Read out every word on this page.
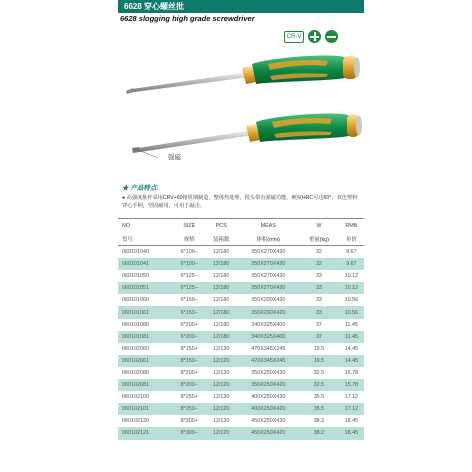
6628 穿心螺丝批
6628 slogging high grade screwdriver
CR-V
强磁
★ 产品特点:
● 高强度批杆采用CRV+60铬钒钢制造，整体热处理，批头带有强磁功能，硬度HRC可达60°，双色塑料穿心手柄，坚固耐用，可用于敲击。
NO	SIZE	PCS	MEAS	W	RMB
货号	规格	装箱数	体积(mm)	重量(kg)	单价
060101040	6*100−	12/180	350X270X420	32	9.67
060101041	6*100−	12/180	350X270X420	32	9.67
060101050	6*125−	12/180	350X270X420	33	10.12
060101051	6*125−	12/180	350X270X420	33	10.12
060101060	6*150−	12/180	350X290X420	33	10.56
060101061	6*150−	12/180	350X290X420	33	10.56
060101080	6*200+	12/180	340X325X400	37	11.45
060101081	6*200−	12/180	340X325X400	37	11.45
060102060	8*150+	12/120	470X345X245	19.5	14.45
060102061	8*150−	12/120	470X345X245	19.5	14.45
060102080	8*200+	12/120	350X250X420	32.5	15.78
060102081	8*200−	12/120	350X250X420	32.5	15.78
060102100	8*250+	12/120	400X250X420	35.5	17.12
060102101	8*250−	12/120	400X250X420	35.5	17.12
060102120	8*300+	12/120	450X250X420	38.2	18.45
060102121	8*300−	12/120	450X250X420	38.2	18.45
